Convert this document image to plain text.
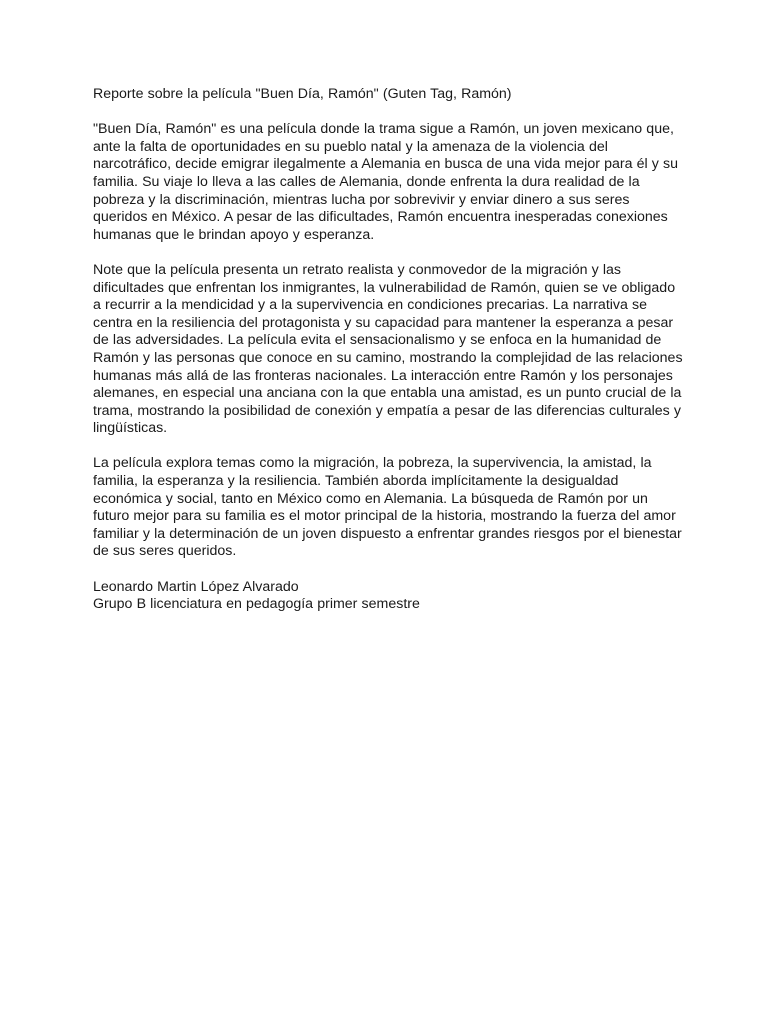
Reporte sobre la película "Buen Día, Ramón" (Guten Tag, Ramón)

"Buen Día, Ramón" es una película donde la trama sigue a Ramón, un joven mexicano que, ante la falta de oportunidades en su pueblo natal y la amenaza de la violencia del narcotráfico, decide emigrar ilegalmente a Alemania en busca de una vida mejor para él y su familia. Su viaje lo lleva a las calles de Alemania, donde enfrenta la dura realidad de la pobreza y la discriminación, mientras lucha por sobrevivir y enviar dinero a sus seres queridos en México. A pesar de las dificultades, Ramón encuentra inesperadas conexiones humanas que le brindan apoyo y esperanza.

Note que la película presenta un retrato realista y conmovedor de la migración y las dificultades que enfrentan los inmigrantes, la vulnerabilidad de Ramón, quien se ve obligado a recurrir a la mendicidad y a la supervivencia en condiciones precarias. La narrativa se centra en la resiliencia del protagonista y su capacidad para mantener la esperanza a pesar de las adversidades. La película evita el sensacionalismo y se enfoca en la humanidad de Ramón y las personas que conoce en su camino, mostrando la complejidad de las relaciones humanas más allá de las fronteras nacionales. La interacción entre Ramón y los personajes alemanes, en especial una anciana con la que entabla una amistad, es un punto crucial de la trama, mostrando la posibilidad de conexión y empatía a pesar de las diferencias culturales y lingüísticas.

La película explora temas como la migración, la pobreza, la supervivencia, la amistad, la familia, la esperanza y la resiliencia. También aborda implícitamente la desigualdad económica y social, tanto en México como en Alemania. La búsqueda de Ramón por un futuro mejor para su familia es el motor principal de la historia, mostrando la fuerza del amor familiar y la determinación de un joven dispuesto a enfrentar grandes riesgos por el bienestar de sus seres queridos.

Leonardo Martin López Alvarado

Grupo B licenciatura en pedagogía primer semestre
